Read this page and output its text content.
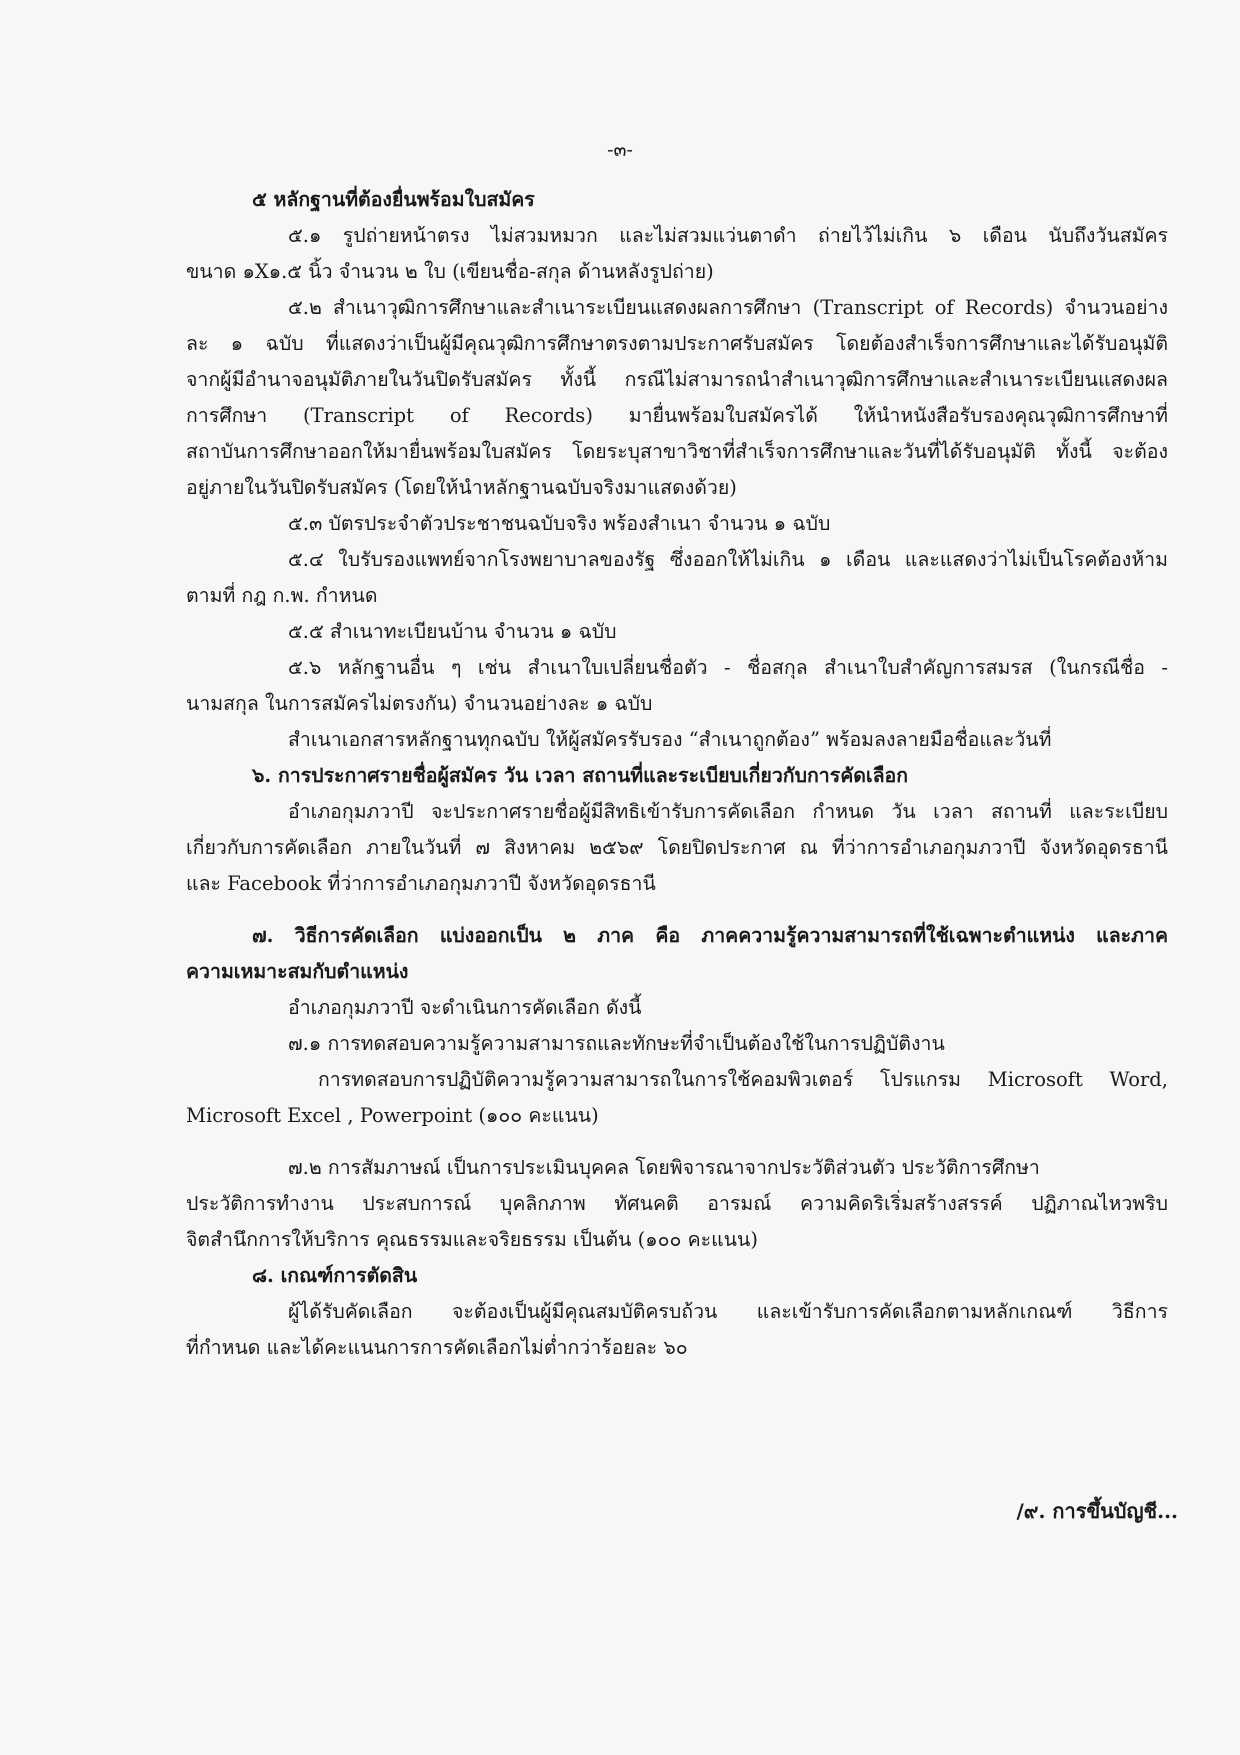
-๓-
๕ หลักฐานที่ต้องยื่นพร้อมใบสมัคร
๕.๑ รูปถ่ายหน้าตรง ไม่สวมหมวก และไม่สวมแว่นตาดำ ถ่ายไว้ไม่เกิน ๖ เดือน นับถึงวันสมัคร
ขนาด ๑X๑.๕ นิ้ว จำนวน ๒ ใบ (เขียนชื่อ-สกุล ด้านหลังรูปถ่าย)
๕.๒ สำเนาวุฒิการศึกษาและสำเนาระเบียนแสดงผลการศึกษา (Transcript of Records) จำนวนอย่าง
ละ ๑ ฉบับ ที่แสดงว่าเป็นผู้มีคุณวุฒิการศึกษาตรงตามประกาศรับสมัคร โดยต้องสำเร็จการศึกษาและได้รับอนุมัติ
จากผู้มีอำนาจอนุมัติภายในวันปิดรับสมัคร ทั้งนี้ กรณีไม่สามารถนำสำเนาวุฒิการศึกษาและสำเนาระเบียนแสดงผล
การศึกษา (Transcript of Records) มายื่นพร้อมใบสมัครได้ ให้นำหนังสือรับรองคุณวุฒิการศึกษาที่
สถาบันการศึกษาออกให้มายื่นพร้อมใบสมัคร โดยระบุสาขาวิชาที่สำเร็จการศึกษาและวันที่ได้รับอนุมัติ ทั้งนี้ จะต้อง
อยู่ภายในวันปิดรับสมัคร (โดยให้นำหลักฐานฉบับจริงมาแสดงด้วย)
๕.๓ บัตรประจำตัวประชาชนฉบับจริง พร้องสำเนา จำนวน ๑ ฉบับ
๕.๔ ใบรับรองแพทย์จากโรงพยาบาลของรัฐ ซึ่งออกให้ไม่เกิน ๑ เดือน และแสดงว่าไม่เป็นโรคต้องห้าม
ตามที่ กฎ ก.พ. กำหนด
๕.๕ สำเนาทะเบียนบ้าน จำนวน ๑ ฉบับ
๕.๖ หลักฐานอื่น ๆ เช่น สำเนาใบเปลี่ยนชื่อตัว - ชื่อสกุล สำเนาใบสำคัญการสมรส (ในกรณีชื่อ -
นามสกุล ในการสมัครไม่ตรงกัน) จำนวนอย่างละ ๑ ฉบับ
สำเนาเอกสารหลักฐานทุกฉบับ ให้ผู้สมัครรับรอง “สำเนาถูกต้อง” พร้อมลงลายมือชื่อและวันที่
๖. การประกาศรายชื่อผู้สมัคร วัน เวลา สถานที่และระเบียบเกี่ยวกับการคัดเลือก
อำเภอกุมภวาปี จะประกาศรายชื่อผู้มีสิทธิเข้ารับการคัดเลือก กำหนด วัน เวลา สถานที่ และระเบียบ
เกี่ยวกับการคัดเลือก ภายในวันที่ ๗ สิงหาคม ๒๕๖๙ โดยปิดประกาศ ณ ที่ว่าการอำเภอกุมภวาปี จังหวัดอุดรธานี
และ Facebook ที่ว่าการอำเภอกุมภวาปี จังหวัดอุดรธานี
๗. วิธีการคัดเลือก แบ่งออกเป็น ๒ ภาค คือ ภาคความรู้ความสามารถที่ใช้เฉพาะตำแหน่ง และภาค
ความเหมาะสมกับตำแหน่ง
อำเภอกุมภวาปี จะดำเนินการคัดเลือก ดังนี้
๗.๑ การทดสอบความรู้ความสามารถและทักษะที่จำเป็นต้องใช้ในการปฏิบัติงาน
การทดสอบการปฏิบัติความรู้ความสามารถในการใช้คอมพิวเตอร์ โปรแกรม Microsoft Word,
Microsoft Excel , Powerpoint (๑๐๐ คะแนน)
๗.๒ การสัมภาษณ์ เป็นการประเมินบุคคล โดยพิจารณาจากประวัติส่วนตัว ประวัติการศึกษา
ประวัติการทำงาน ประสบการณ์ บุคลิกภาพ ทัศนคติ อารมณ์ ความคิดริเริ่มสร้างสรรค์ ปฏิภาณไหวพริบ
จิตสำนึกการให้บริการ คุณธรรมและจริยธรรม เป็นต้น (๑๐๐ คะแนน)
๘. เกณฑ์การตัดสิน
ผู้ได้รับคัดเลือก จะต้องเป็นผู้มีคุณสมบัติครบถ้วน และเข้ารับการคัดเลือกตามหลักเกณฑ์ วิธีการ
ที่กำหนด และได้คะแนนการการคัดเลือกไม่ต่ำกว่าร้อยละ ๖๐
/๙. การขึ้นบัญชี...
